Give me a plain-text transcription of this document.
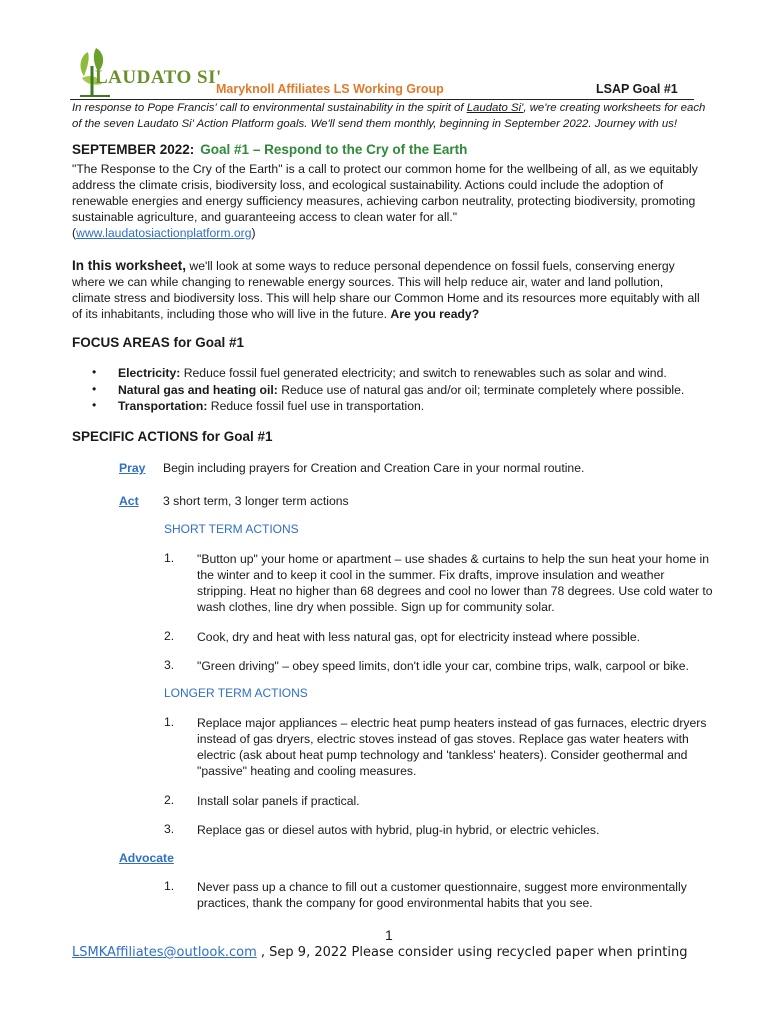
LAUDATO SI'
Maryknoll Affiliates LS Working Group	LSAP Goal #1
In response to Pope Francis' call to environmental sustainability in the spirit of Laudato Si', we're creating worksheets for each of the seven Laudato Si' Action Platform goals. We'll send them monthly, beginning in September 2022. Journey with us!
SEPTEMBER 2022: Goal #1 – Respond to the Cry of the Earth
"The Response to the Cry of the Earth" is a call to protect our common home for the wellbeing of all, as we equitably address the climate crisis, biodiversity loss, and ecological sustainability. Actions could include the adoption of renewable energies and energy sufficiency measures, achieving carbon neutrality, protecting biodiversity, promoting sustainable agriculture, and guaranteeing access to clean water for all."
(www.laudatosiactionplatform.org)
In this worksheet, we'll look at some ways to reduce personal dependence on fossil fuels, conserving energy where we can while changing to renewable energy sources. This will help reduce air, water and land pollution, climate stress and biodiversity loss. This will help share our Common Home and its resources more equitably with all of its inhabitants, including those who will live in the future. Are you ready?
FOCUS AREAS for Goal #1
• Electricity: Reduce fossil fuel generated electricity; and switch to renewables such as solar and wind.
• Natural gas and heating oil: Reduce use of natural gas and/or oil; terminate completely where possible.
• Transportation: Reduce fossil fuel use in transportation.
SPECIFIC ACTIONS for Goal #1
Pray Begin including prayers for Creation and Creation Care in your normal routine.
Act 3 short term, 3 longer term actions
SHORT TERM ACTIONS
1. "Button up" your home or apartment – use shades & curtains to help the sun heat your home in the winter and to keep it cool in the summer. Fix drafts, improve insulation and weather stripping. Heat no higher than 68 degrees and cool no lower than 78 degrees. Use cold water to wash clothes, line dry when possible. Sign up for community solar.
2. Cook, dry and heat with less natural gas, opt for electricity instead where possible.
3. "Green driving" – obey speed limits, don't idle your car, combine trips, walk, carpool or bike.
LONGER TERM ACTIONS
1. Replace major appliances – electric heat pump heaters instead of gas furnaces, electric dryers instead of gas dryers, electric stoves instead of gas stoves. Replace gas water heaters with electric (ask about heat pump technology and 'tankless' heaters). Consider geothermal and "passive" heating and cooling measures.
2. Install solar panels if practical.
3. Replace gas or diesel autos with hybrid, plug-in hybrid, or electric vehicles.
Advocate
1. Never pass up a chance to fill out a customer questionnaire, suggest more environmentally practices, thank the company for good environmental habits that you see.
1
LSMKAffiliates@outlook.com , Sep 9, 2022 Please consider using recycled paper when printing
